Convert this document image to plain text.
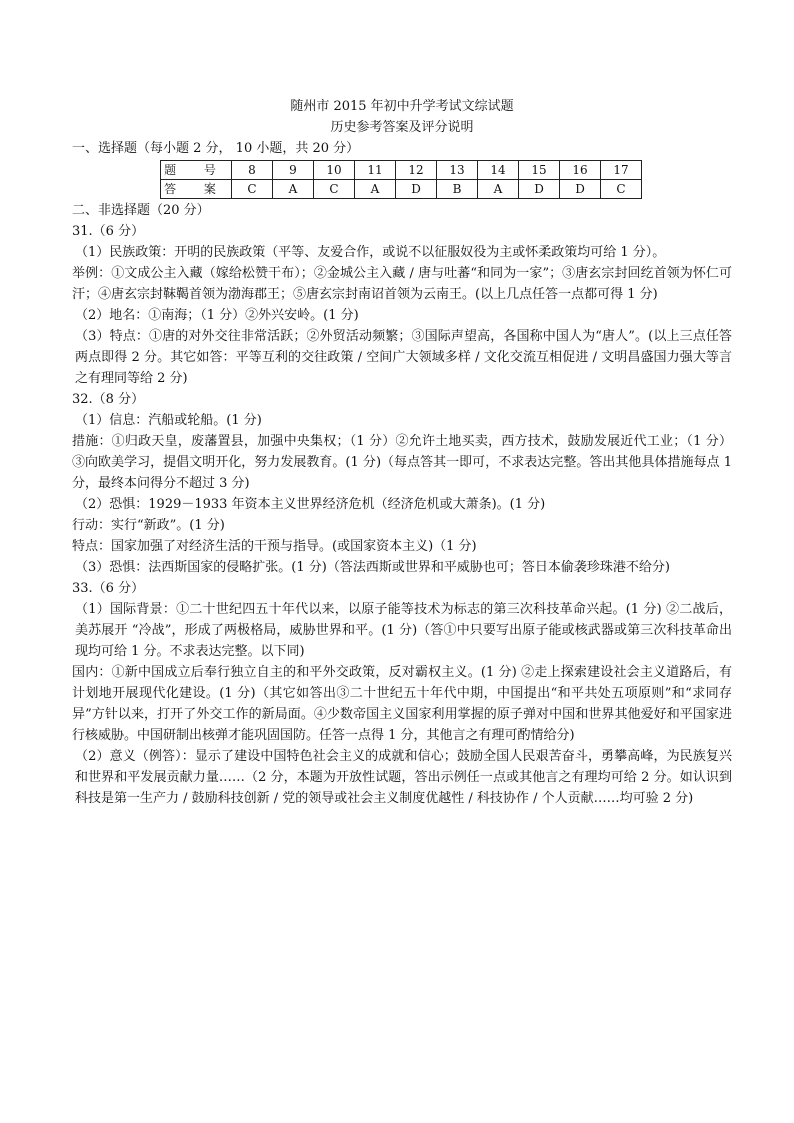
随州市 2015 年初中升学考试文综试题

历史参考答案及评分说明

一、选择题（每小题 2 分， 10 小题，共 20 分）

题 号	8	9	10	11	12	13	14	15	16	17
答 案	C	A	C	A	D	B	A	D	D	C

二、非选择题（20 分）

31.（6 分）

（1）民族政策：开明的民族政策（平等、友爱合作，或说不以征服奴役为主或怀柔政策均可给 1 分）。

举例：①文成公主入藏（嫁给松赞干布）；②金城公主入藏 / 唐与吐蕃“和同为一家”；③唐玄宗封回纥首领为怀仁可汗；④唐玄宗封靺鞨首领为渤海郡王；⑤唐玄宗封南诏首领为云南王。(以上几点任答一点都可得 1 分)

（2）地名：①南海；（1 分）②外兴安岭。(1 分)

（3）特点：①唐的对外交往非常活跃；②外贸活动频繁；③国际声望高，各国称中国人为“唐人”。(以上三点任答两点即得 2 分。其它如答：平等互利的交往政策 / 空间广大领域多样 / 文化交流互相促进 / 文明昌盛国力强大等言之有理同等给 2 分)

32.（8 分）

（1）信息：汽船或轮船。(1 分)

措施：①归政天皇，废藩置县，加强中央集权；（1 分）②允许土地买卖，西方技术，鼓励发展近代工业；（1 分）③向欧美学习，提倡文明开化，努力发展教育。(1 分)（每点答其一即可，不求表达完整。答出其他具体措施每点 1 分，最终本问得分不超过 3 分)

（2）恐惧：1929－1933 年资本主义世界经济危机（经济危机或大萧条)。(1 分)

行动：实行“新政”。(1 分)

特点：国家加强了对经济生活的干预与指导。(或国家资本主义)（1 分)

（3）恐惧：法西斯国家的侵略扩张。(1 分)（答法西斯或世界和平威胁也可；答日本偷袭珍珠港不给分)

33.（6 分）

（1）国际背景：①二十世纪四五十年代以来，以原子能等技术为标志的第三次科技革命兴起。(1 分) ②二战后，美苏展开 “冷战”，形成了两极格局，威胁世界和平。(1 分)（答①中只要写出原子能或核武器或第三次科技革命出现均可给 1 分。不求表达完整。以下同)

国内：①新中国成立后奉行独立自主的和平外交政策，反对霸权主义。(1 分) ②走上探索建设社会主义道路后，有计划地开展现代化建设。(1 分)（其它如答出③二十世纪五十年代中期，中国提出“和平共处五项原则”和“求同存异”方针以来，打开了外交工作的新局面。④少数帝国主义国家利用掌握的原子弹对中国和世界其他爱好和平国家进行核威胁。中国研制出核弹才能巩固国防。任答一点得 1 分，其他言之有理可酌情给分)

（2）意义（例答）：显示了建设中国特色社会主义的成就和信心；鼓励全国人民艰苦奋斗，勇攀高峰，为民族复兴和世界和平发展贡献力量……（2 分，本题为开放性试题，答出示例任一点或其他言之有理均可给 2 分。如认识到科技是第一生产力 / 鼓励科技创新 / 党的领导或社会主义制度优越性 / 科技协作 / 个人贡献……均可验 2 分)
